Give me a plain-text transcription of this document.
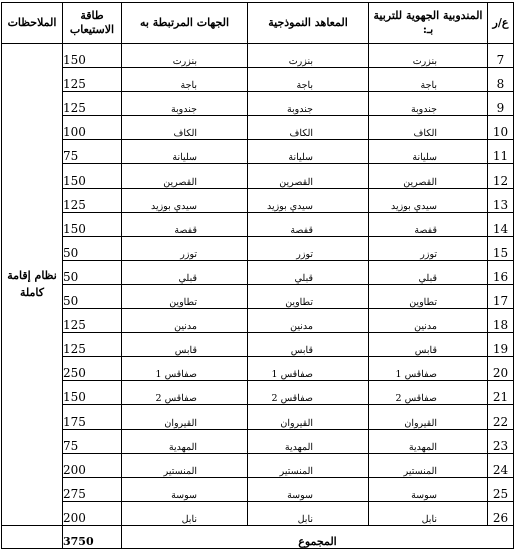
ع/ر	المندوبية الجهوية للتربية بـ:	المعاهد النموذجية	الجهات المرتبطة به	طاقة الاستيعاب	الملاحظات
7	بنزرت	بنزرت	بنزرت	150	نظام إقامة كاملة
8	باجة	باجة	باجة	125	
9	جندوبة	جندوبة	جندوبة	125	
10	الكاف	الكاف	الكاف	100	
11	سليانة	سليانة	سليانة	75	
12	القصرين	القصرين	القصرين	150	
13	سيدي بوزيد	سيدي بوزيد	سيدي بوزيد	125	
14	قفصة	قفصة	قفصة	150	
15	توزر	توزر	توزر	50	
16	قبلي	قبلي	قبلي	50	
17	تطاوين	تطاوين	تطاوين	50	
18	مدنين	مدنين	مدنين	125	
19	قابس	قابس	قابس	125	
20	صفاقس 1	صفاقس 1	صفاقس 1	250	
21	صفاقس 2	صفاقس 2	صفاقس 2	150	
22	القيروان	القيروان	القيروان	175	
23	المهدية	المهدية	المهدية	75	
24	المنستير	المنستير	المنستير	200	
25	سوسة	سوسة	سوسة	275	
26	نابل	نابل	نابل	200	
المجموع				3750	
